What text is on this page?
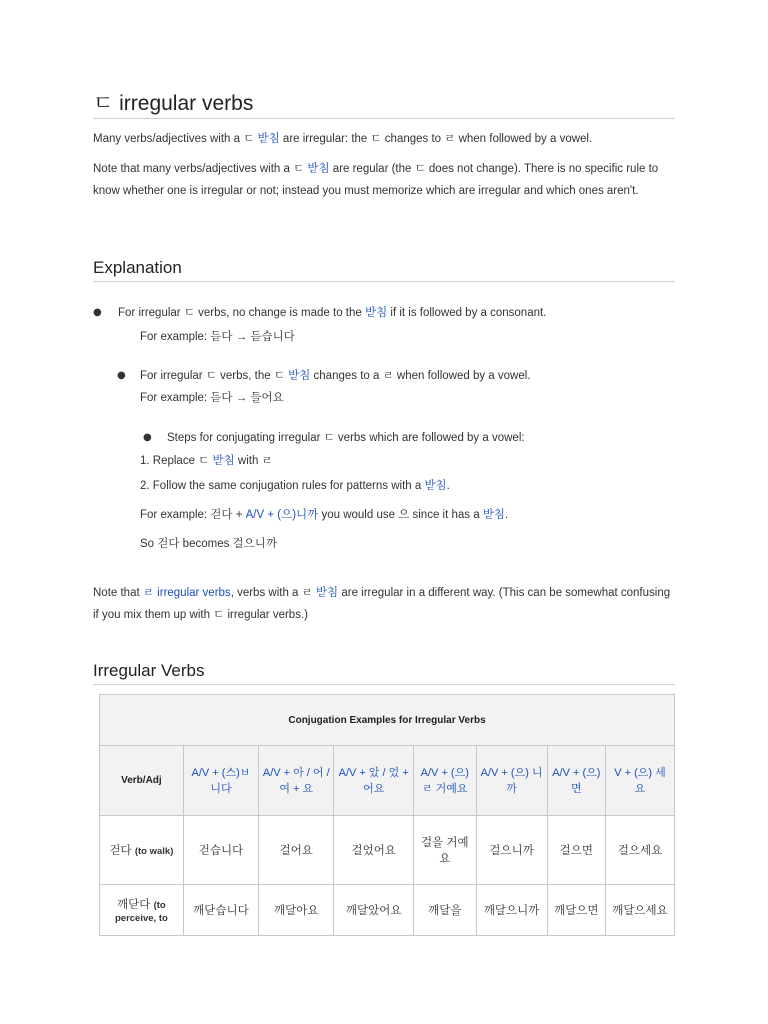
ㄷ irregular verbs
Many verbs/adjectives with a ㄷ 받침 are irregular: the ㄷ changes to ㄹ when followed by a vowel.
Note that many verbs/adjectives with a ㄷ 받침 are regular (the ㄷ does not change). There is no specific rule to know whether one is irregular or not; instead you must memorize which are irregular and which ones aren't.
Explanation
● For irregular ㄷ verbs, no change is made to the 받침 if it is followed by a consonant.
For example: 듣다 → 듣습니다
● For irregular ㄷ verbs, the ㄷ 받침 changes to a ㄹ when followed by a vowel.
For example: 듣다 → 들어요
● Steps for conjugating irregular ㄷ verbs which are followed by a vowel:
1. Replace ㄷ 받침 with ㄹ
2. Follow the same conjugation rules for patterns with a 받침.
For example: 걷다 + A/V + (으)니까 you would use 으 since it has a 받침.
So 걷다 becomes 걸으니까
Note that ㄹ irregular verbs, verbs with a ㄹ 받침 are irregular in a different way. (This can be somewhat confusing if you mix them up with ㄷ irregular verbs.)
Irregular Verbs
Conjugation Examples for Irregular Verbs							
Verb/Adj	A/V + (스)ㅂ니다	A/V + 아 / 어 / 여 + 요	A/V + 았 / 었 + 어요	A/V + (으) ㄹ 거예요	A/V + (으) 니까	A/V + (으) 면	V + (으) 세요
걷다 (to walk)	걷습니다	걸어요	걸었어요	걸을 거예요	걸으니까	걸으면	걸으세요
깨닫다 (to perceive, to	깨닫습니다	깨달아요	깨달았어요	깨달을	깨달으니까	깨달으면	깨달으세요
